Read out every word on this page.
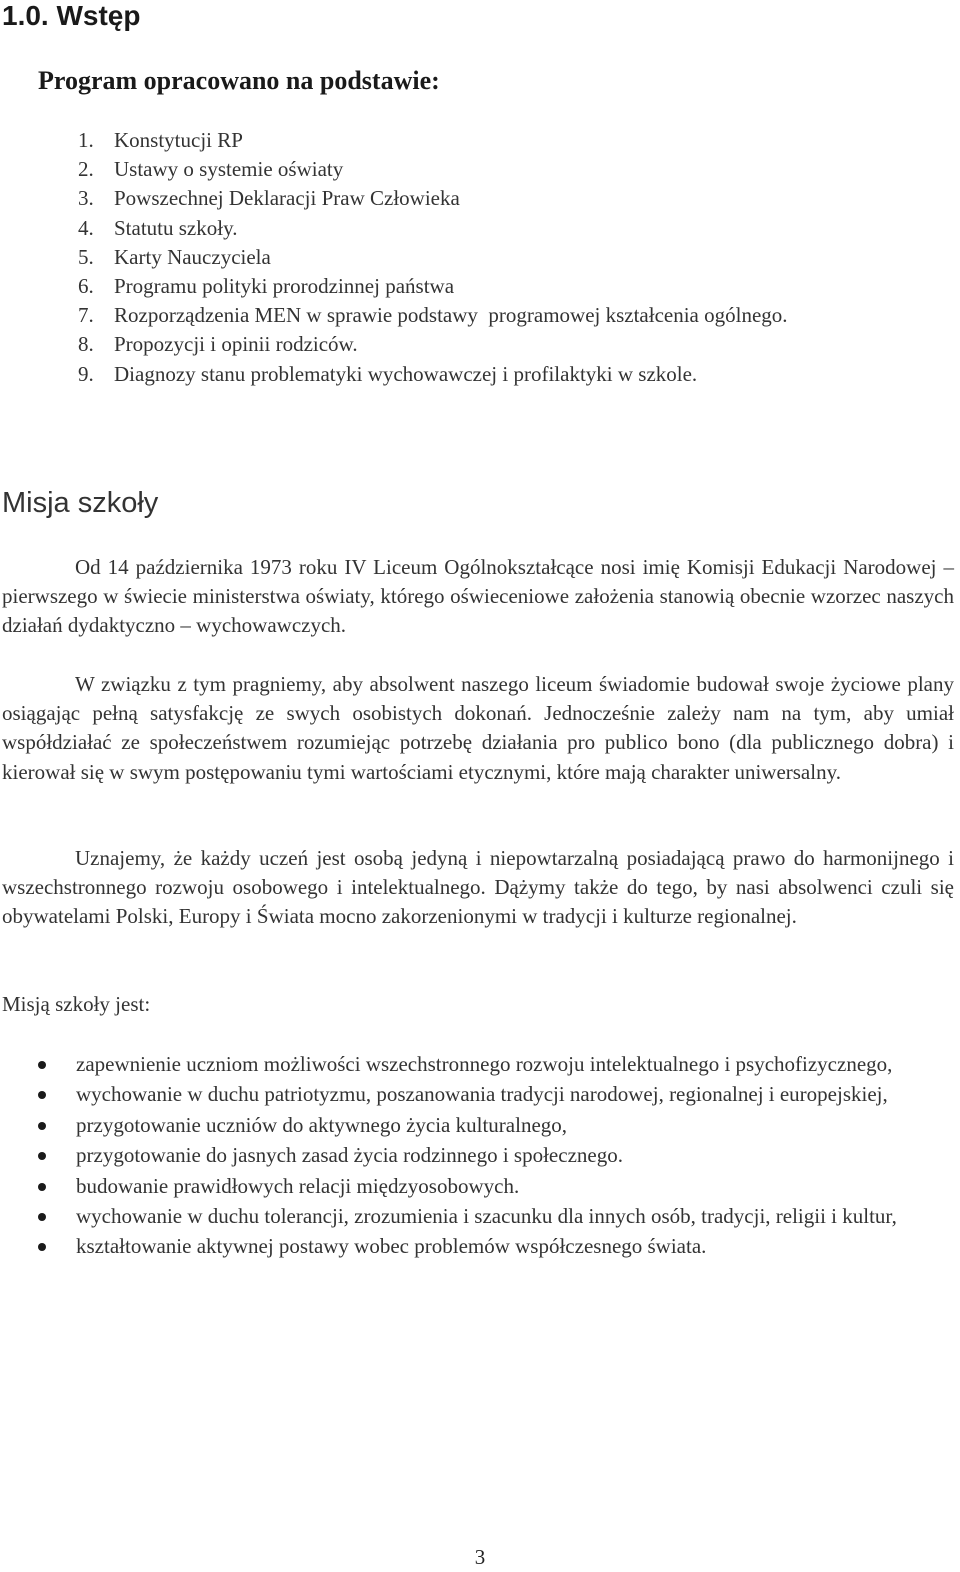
1.0. Wstęp
Program opracowano na podstawie:
1. Konstytucji RP
2. Ustawy o systemie oświaty
3. Powszechnej Deklaracji Praw Człowieka
4. Statutu szkoły.
5. Karty Nauczyciela
6. Programu polityki prorodzinnej państwa
7. Rozporządzenia MEN w sprawie podstawy  programowej kształcenia ogólnego.
8. Propozycji i opinii rodziców.
9. Diagnozy stanu problematyki wychowawczej i profilaktyki w szkole.
Misja szkoły

Od 14 października 1973 roku IV Liceum Ogólnokształcące nosi imię Komisji Edukacji Narodowej – pierwszego w świecie ministerstwa oświaty, którego oświeceniowe założenia stanowią obecnie wzorzec naszych działań dydaktyczno – wychowawczych.

W związku z tym pragniemy, aby absolwent naszego liceum świadomie budował swoje życiowe plany osiągając pełną satysfakcję ze swych osobistych dokonań. Jednocześnie zależy nam na tym, aby umiał współdziałać ze społeczeństwem rozumiejąc potrzebę działania pro publico bono (dla publicznego dobra) i kierował się w swym postępowaniu tymi wartościami etycznymi, które mają charakter uniwersalny.

Uznajemy, że każdy uczeń jest osobą jedyną i niepowtarzalną posiadającą prawo do harmonijnego i wszechstronnego rozwoju osobowego i intelektualnego. Dążymy także do tego, by nasi absolwenci czuli się obywatelami Polski, Europy i Świata mocno zakorzenionymi w tradycji i kulturze regionalnej.

Misją szkoły jest:

zapewnienie uczniom możliwości wszechstronnego rozwoju intelektualnego i psychofizycznego,
wychowanie w duchu patriotyzmu, poszanowania tradycji narodowej, regionalnej i europejskiej,
przygotowanie uczniów do aktywnego życia kulturalnego,
przygotowanie do jasnych zasad życia rodzinnego i społecznego.
budowanie prawidłowych relacji międzyosobowych.
wychowanie w duchu tolerancji, zrozumienia i szacunku dla innych osób, tradycji, religii i kultur,
kształtowanie aktywnej postawy wobec problemów współczesnego świata.

3
